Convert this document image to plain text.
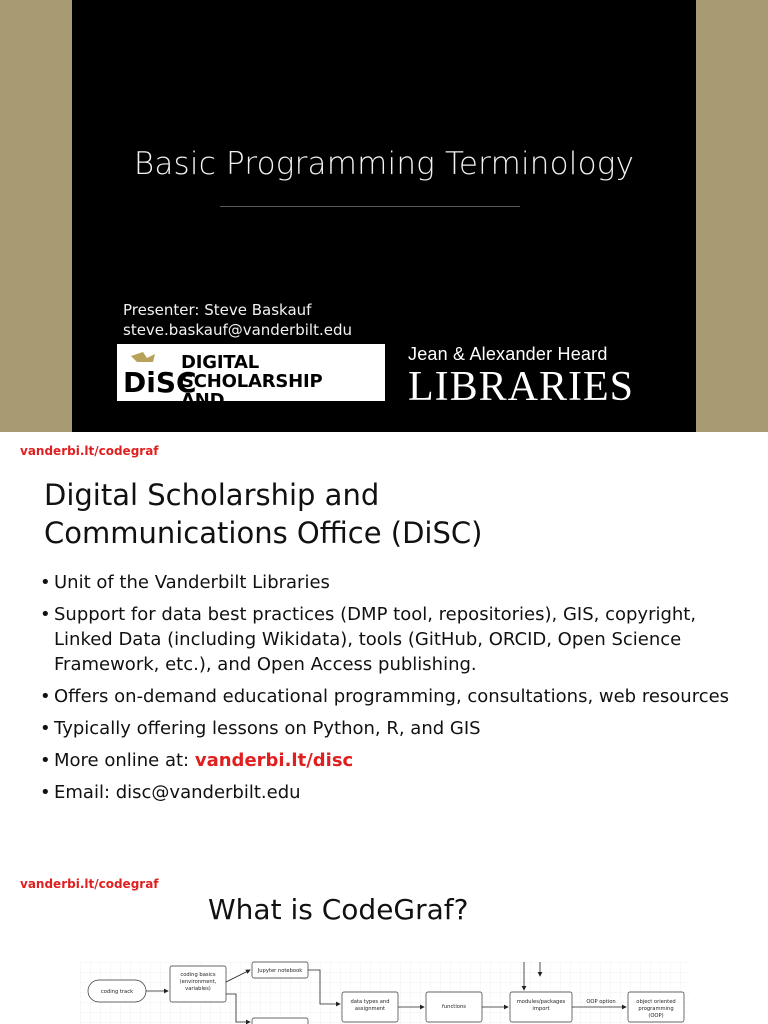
Basic Programming Terminology
Presenter: Steve Baskauf
steve.baskauf@vanderbilt.edu
DiSC
DIGITAL SCHOLARSHIP
AND COMMUNICATIONS
Jean & Alexander Heard
LIBRARIES
vanderbi.lt/codegraf
Digital Scholarship and
Communications Office (DiSC)
• Unit of the Vanderbilt Libraries
• Support for data best practices (DMP tool, repositories), GIS, copyright, Linked Data (including Wikidata), tools (GitHub, ORCID, Open Science Framework, etc.), and Open Access publishing.
• Offers on-demand educational programming, consultations, web resources
• Typically offering lessons on Python, R, and GIS
• More online at: vanderbi.lt/disc
• Email: disc@vanderbilt.edu
vanderbi.lt/codegraf
What is CodeGraf?
coding track
coding basics
(environment,
variables)
Jupyter notebook
data types and
assignment	functions
modules/packages
import
OOP option	object oriented
programming
(OOP)
